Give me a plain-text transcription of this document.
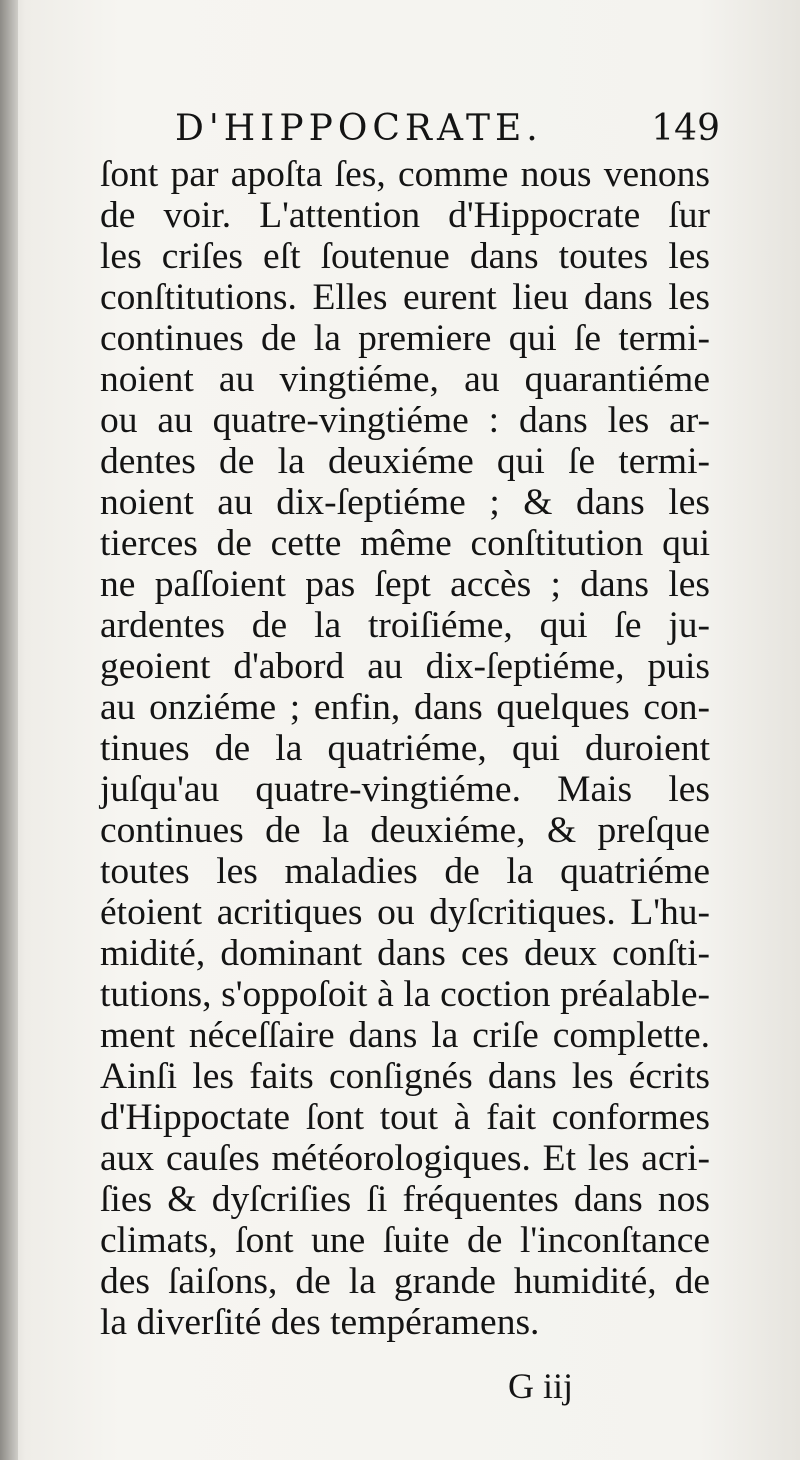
D'HIPPOCRATE.	149
ſont par apoſta ſes, comme nous venons
de voir. L'attention d'Hippocrate ſur
les criſes eſt ſoutenue dans toutes les
conſtitutions. Elles eurent lieu dans les
continues de la premiere qui ſe termi-
noient au vingtiéme, au quarantiéme
ou au quatre-vingtiéme : dans les ar-
dentes de la deuxiéme qui ſe termi-
noient au dix-ſeptiéme ; & dans les
tierces de cette même conſtitution qui
ne paſſoient pas ſept accès ; dans les
ardentes de la troiſiéme, qui ſe ju-
geoient d'abord au dix-ſeptiéme, puis
au onziéme ; enfin, dans quelques con-
tinues de la quatriéme, qui duroient
juſqu'au quatre-vingtiéme. Mais les
continues de la deuxiéme, & preſque
toutes les maladies de la quatriéme
étoient acritiques ou dyſcritiques. L'hu-
midité, dominant dans ces deux conſti-
tutions, s'oppoſoit à la coction préalable-
ment néceſſaire dans la criſe complette.
Ainſi les faits conſignés dans les écrits
d'Hippoctate ſont tout à fait conformes
aux cauſes météorologiques. Et les acri-
ſies & dyſcriſies ſi fréquentes dans nos
climats, ſont une ſuite de l'inconſtance
des ſaiſons, de la grande humidité, de
la diverſité des tempéramens.
G iij
